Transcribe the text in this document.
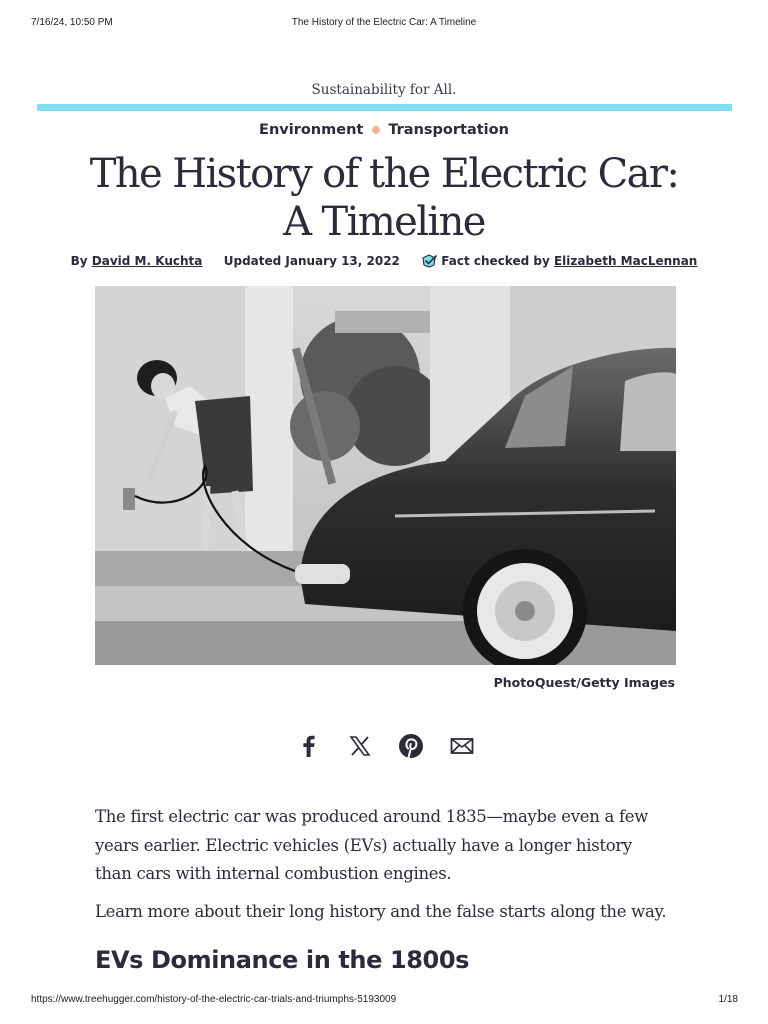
7/16/24, 10:50 PM	The History of the Electric Car: A Timeline
Sustainability for All.
Environment Transportation
The History of the Electric Car:
A Timeline
By David M. Kuchta Updated January 13, 2022	Fact checked by Elizabeth MacLennan
PhotoQuest/Getty Images

The first electric car was produced around 1835—maybe even a few years earlier. Electric vehicles (EVs) actually have a longer history than cars with internal combustion engines.

Learn more about their long history and the false starts along the way.

EVs Dominance in the 1800s
https://www.treehugger.com/history-of-the-electric-car-trials-and-triumphs-5193009	1/18
